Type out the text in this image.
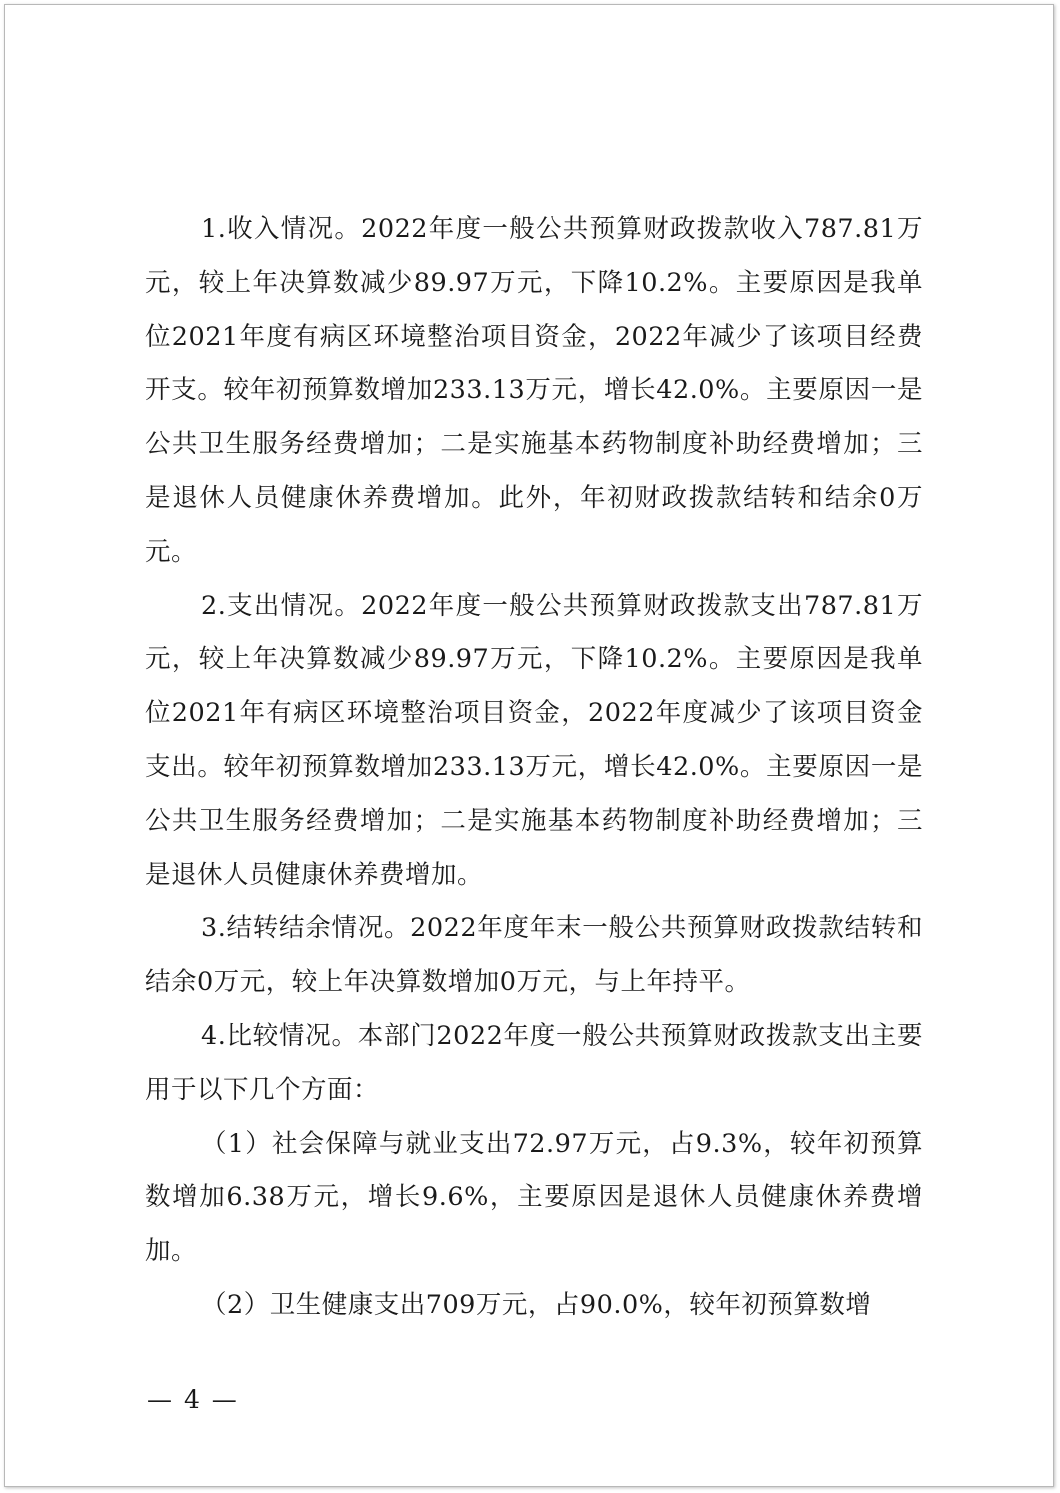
1.收入情况。2022年度一般公共预算财政拨款收入787.81万元，较上年决算数减少89.97万元，下降10.2%。主要原因是我单位2021年度有病区环境整治项目资金，2022年减少了该项目经费开支。较年初预算数增加233.13万元，增长42.0%。主要原因一是公共卫生服务经费增加；二是实施基本药物制度补助经费增加；三是退休人员健康休养费增加。此外，年初财政拨款结转和结余0万元。

2.支出情况。2022年度一般公共预算财政拨款支出787.81万元，较上年决算数减少89.97万元，下降10.2%。主要原因是我单位2021年有病区环境整治项目资金，2022年度减少了该项目资金支出。较年初预算数增加233.13万元，增长42.0%。主要原因一是公共卫生服务经费增加；二是实施基本药物制度补助经费增加；三是退休人员健康休养费增加。

3.结转结余情况。2022年度年末一般公共预算财政拨款结转和结余0万元，较上年决算数增加0万元，与上年持平。

4.比较情况。本部门2022年度一般公共预算财政拨款支出主要用于以下几个方面：

（1）社会保障与就业支出72.97万元，占9.3%，较年初预算数增加6.38万元，增长9.6%，主要原因是退休人员健康休养费增加。

（2）卫生健康支出709万元，占90.0%，较年初预算数增

— 4 —
